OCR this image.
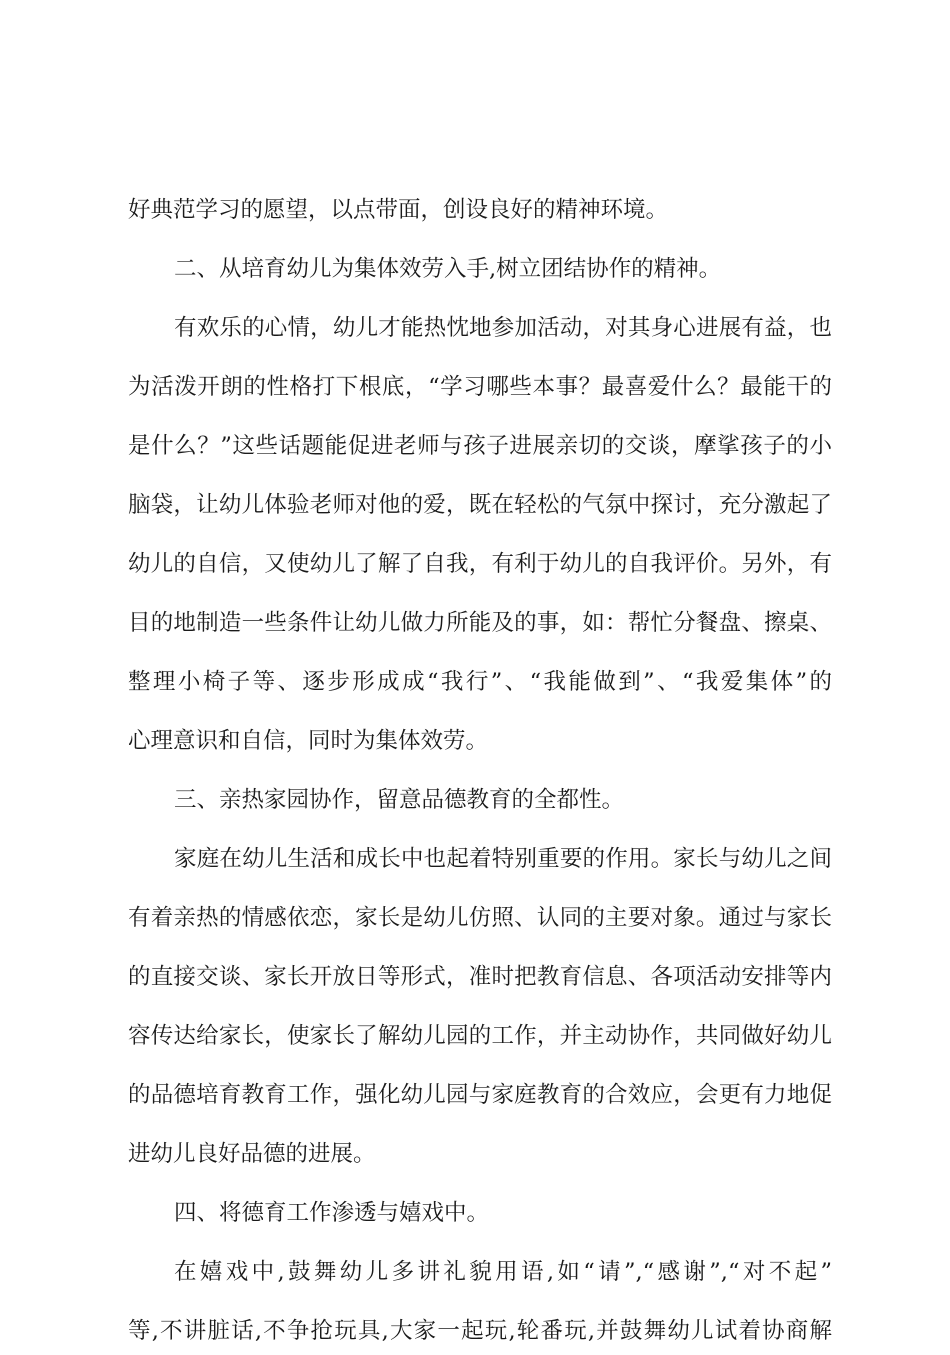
好典范学习的愿望，以点带面，创设良好的精神环境。
二、从培育幼儿为集体效劳入手,树立团结协作的精神。
有欢乐的心情，幼儿才能热忱地参加活动，对其身心进展有益，也
为活泼开朗的性格打下根底，“学习哪些本事？最喜爱什么？最能干的
是什么？”这些话题能促进老师与孩子进展亲切的交谈，摩挲孩子的小
脑袋，让幼儿体验老师对他的爱，既在轻松的气氛中探讨，充分激起了
幼儿的自信，又使幼儿了解了自我，有利于幼儿的自我评价。另外，有
目的地制造一些条件让幼儿做力所能及的事，如：帮忙分餐盘、擦桌、
整理小椅子等、逐步形成成“我行”、“我能做到”、“我爱集体”的
心理意识和自信，同时为集体效劳。
三、亲热家园协作，留意品德教育的全都性。
家庭在幼儿生活和成长中也起着特别重要的作用。家长与幼儿之间
有着亲热的情感依恋，家长是幼儿仿照、认同的主要对象。通过与家长
的直接交谈、家长开放日等形式，准时把教育信息、各项活动安排等内
容传达给家长，使家长了解幼儿园的工作，并主动协作，共同做好幼儿
的品德培育教育工作，强化幼儿园与家庭教育的合效应，会更有力地促
进幼儿良好品德的进展。
四、将德育工作渗透与嬉戏中。
在嬉戏中,鼓舞幼儿多讲礼貌用语,如“请”,“感谢”,“对不起”
等,不讲脏话,不争抢玩具,大家一起玩,轮番玩,并鼓舞幼儿试着协商解
